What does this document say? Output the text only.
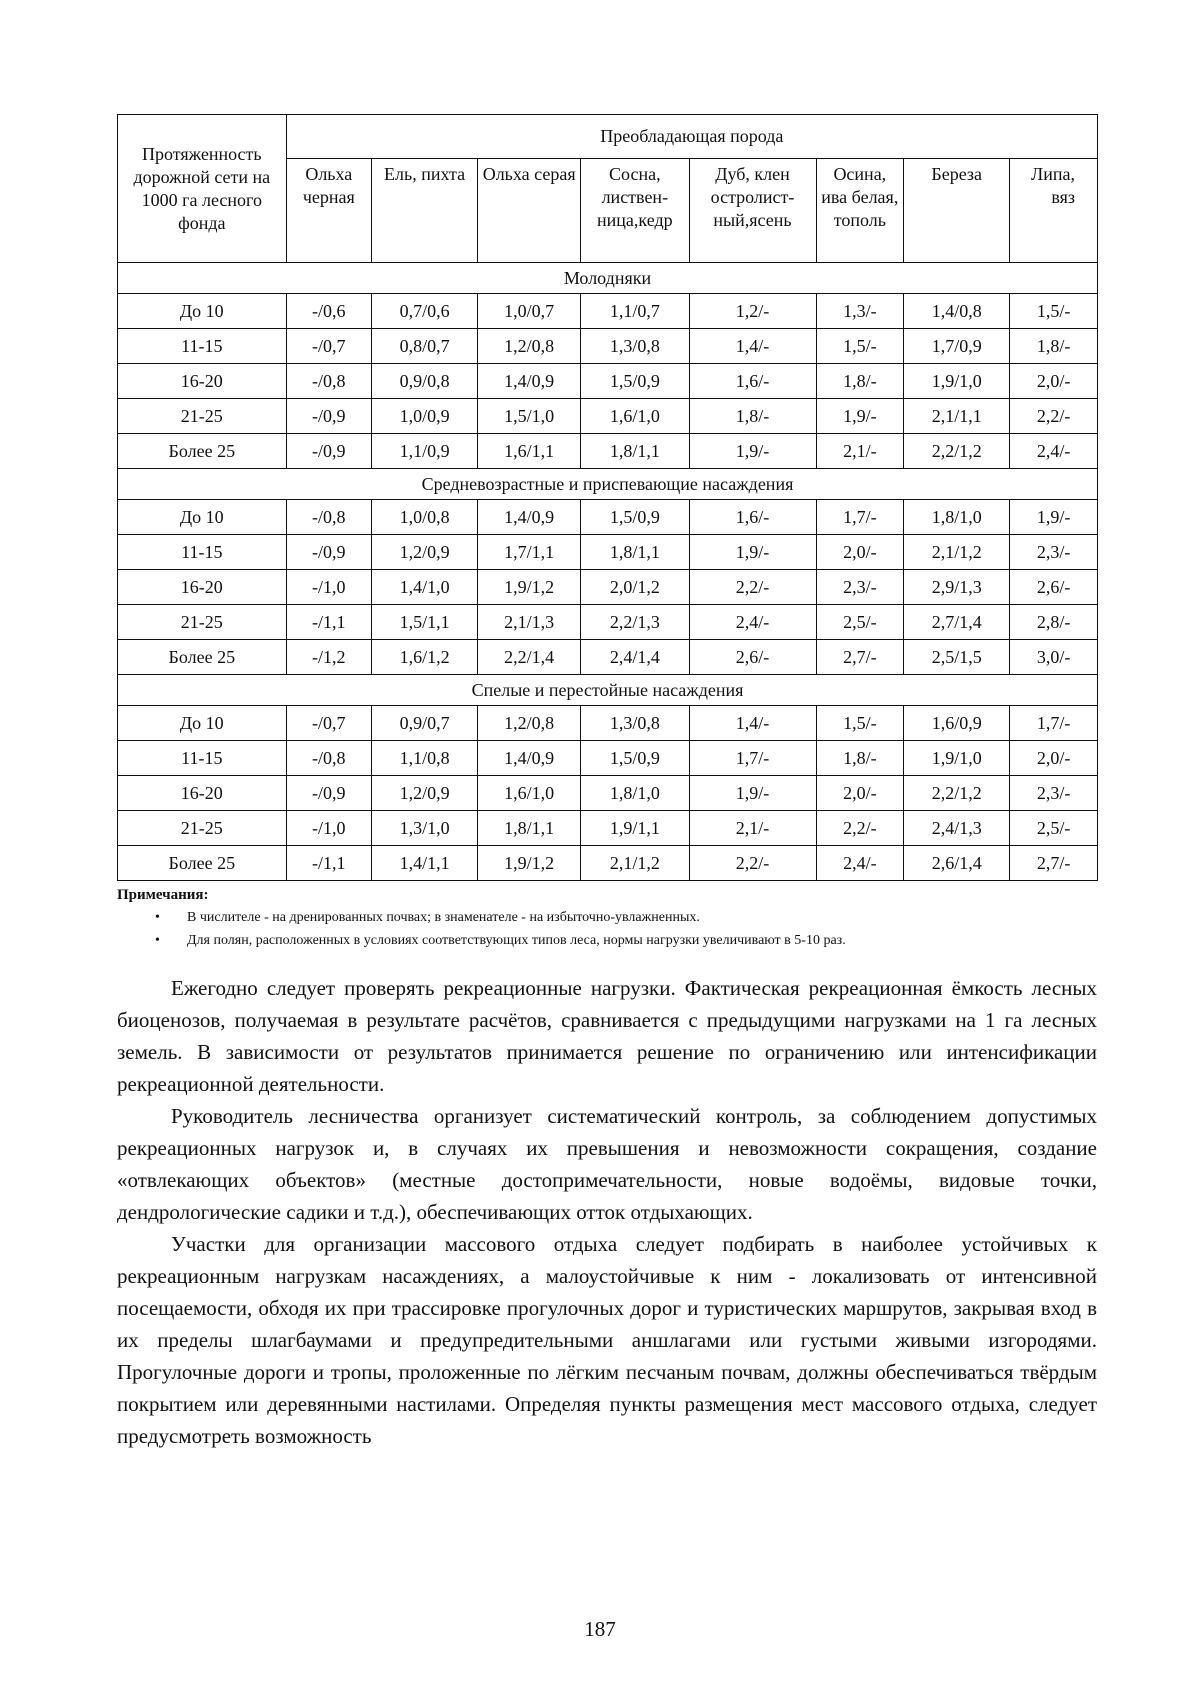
Протяженность дорожной сети на 1000 га лесного фонда	Преобладающая порода							
	Ольха черная	Ель, пихта	Ольха серая	Сосна, листвен-ница,кедр	Дуб, клен остролист-ный,ясень	Осина, ива белая, тополь	Береза	Липа, вяз
Молодняки								
До 10	-/0,6	0,7/0,6	1,0/0,7	1,1/0,7	1,2/-	1,3/-	1,4/0,8	1,5/-
11-15	-/0,7	0,8/0,7	1,2/0,8	1,3/0,8	1,4/-	1,5/-	1,7/0,9	1,8/-
16-20	-/0,8	0,9/0,8	1,4/0,9	1,5/0,9	1,6/-	1,8/-	1,9/1,0	2,0/-
21-25	-/0,9	1,0/0,9	1,5/1,0	1,6/1,0	1,8/-	1,9/-	2,1/1,1	2,2/-
Более 25	-/0,9	1,1/0,9	1,6/1,1	1,8/1,1	1,9/-	2,1/-	2,2/1,2	2,4/-
Средневозрастные и приспевающие насаждения								
До 10	-/0,8	1,0/0,8	1,4/0,9	1,5/0,9	1,6/-	1,7/-	1,8/1,0	1,9/-
11-15	-/0,9	1,2/0,9	1,7/1,1	1,8/1,1	1,9/-	2,0/-	2,1/1,2	2,3/-
16-20	-/1,0	1,4/1,0	1,9/1,2	2,0/1,2	2,2/-	2,3/-	2,9/1,3	2,6/-
21-25	-/1,1	1,5/1,1	2,1/1,3	2,2/1,3	2,4/-	2,5/-	2,7/1,4	2,8/-
Более 25	-/1,2	1,6/1,2	2,2/1,4	2,4/1,4	2,6/-	2,7/-	2,5/1,5	3,0/-
Спелые и перестойные насаждения								
До 10	-/0,7	0,9/0,7	1,2/0,8	1,3/0,8	1,4/-	1,5/-	1,6/0,9	1,7/-
11-15	-/0,8	1,1/0,8	1,4/0,9	1,5/0,9	1,7/-	1,8/-	1,9/1,0	2,0/-
16-20	-/0,9	1,2/0,9	1,6/1,0	1,8/1,0	1,9/-	2,0/-	2,2/1,2	2,3/-
21-25	-/1,0	1,3/1,0	1,8/1,1	1,9/1,1	2,1/-	2,2/-	2,4/1,3	2,5/-
Более 25	-/1,1	1,4/1,1	1,9/1,2	2,1/1,2	2,2/-	2,4/-	2,6/1,4	2,7/-
Примечания:
• В числителе - на дренированных почвах; в знаменателе - на избыточно-увлажненных.
• Для полян, расположенных в условиях соответствующих типов леса, нормы нагрузки увеличивают в 5-10 раз.

Ежегодно следует проверять рекреационные нагрузки. Фактическая рекреационная ёмкость лесных биоценозов, получаемая в результате расчётов, сравнивается с предыдущими нагрузками на 1 га лесных земель. В зависимости от результатов принимается решение по ограничению или интенсификации рекреационной деятельности.

Руководитель лесничества организует систематический контроль, за соблюдением допустимых рекреационных нагрузок и, в случаях их превышения и невозможности сокращения, создание «отвлекающих объектов» (местные достопримечательности, новые водоёмы, видовые точки, дендрологические садики и т.д.), обеспечивающих отток отдыхающих.

Участки для организации массового отдыха следует подбирать в наиболее устойчивых к рекреационным нагрузкам насаждениях, а малоустойчивые к ним - локализовать от интенсивной посещаемости, обходя их при трассировке прогулочных дорог и туристических маршрутов, закрывая вход в их пределы шлагбаумами и предупредительными аншлагами или густыми живыми изгородями. Прогулочные дороги и тропы, проложенные по лёгким песчаным почвам, должны обеспечиваться твёрдым покрытием или деревянными настилами. Определяя пункты размещения мест массового отдыха, следует предусмотреть возможность

187
